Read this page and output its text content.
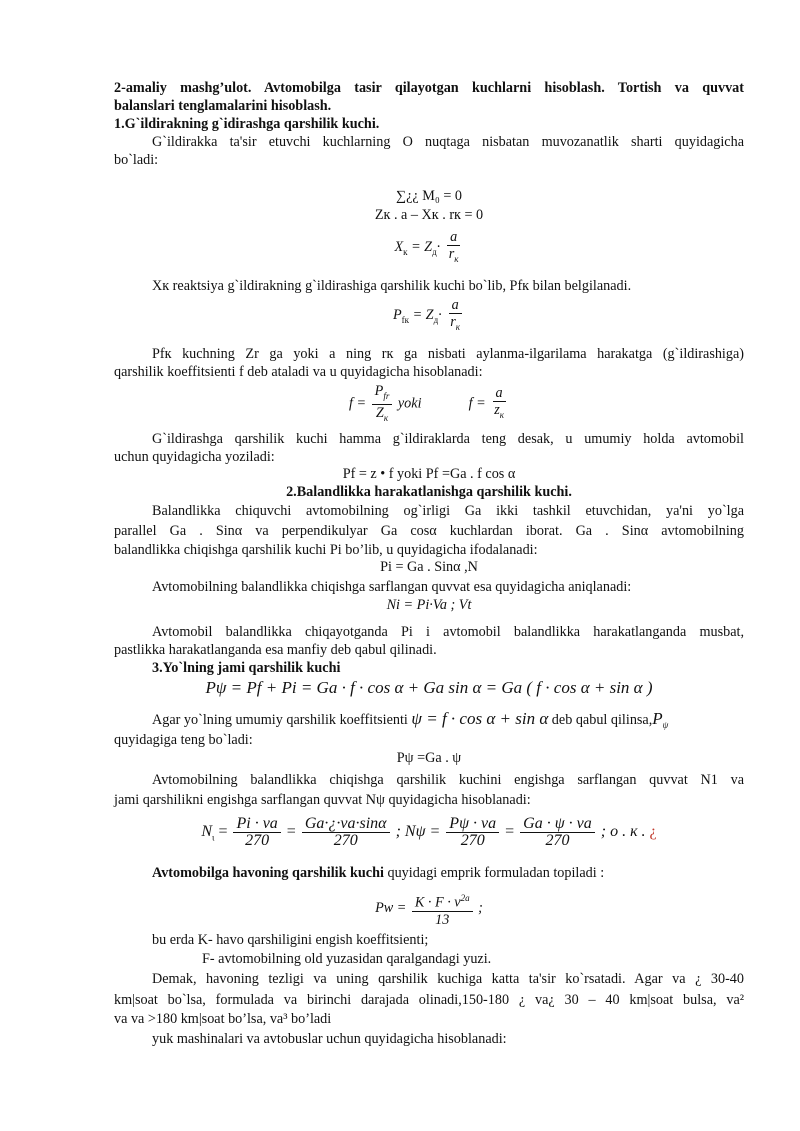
2-amaliy mashg’ulot. Avtomobilga tasir qilayotgan kuchlarni hisoblash. Tortish va quvvat
balanslari tenglamalarini hisoblash.
1.G`ildirakning g`idirashga qarshilik kuchi.
G`ildirakka ta'sir etuvchi kuchlarning O nuqtaga nisbatan muvozanatlik sharti quyidagicha
bo`ladi:
∑¿¿ M₀ = 0
Zк . a – Xк . rк = 0
$X_к = Z_д\cdot \frac{a}{r_к}$
Xк reaktsiya g`ildirakning g`ildirashiga qarshilik kuchi bo`lib, Pfк bilan belgilanadi.
$P_{fк} = Z_д\cdot \frac{a}{r_к}$
Pfк kuchning Zr ga yoki a ning rк ga nisbati aylanma-ilgarilama harakatga (g`ildirashiga)
qarshilik koeffitsienti f deb ataladi va u quyidagicha hisoblanadi:
$f = \frac{P_{fr}}{Z_к}$ yoki	$f = \frac{a}{z_к}$
G`ildirashga qarshilik kuchi hamma g`ildiraklarda teng desak, u umumiy holda avtomobil
uchun quyidagicha yoziladi:
Pf = z • f yoki Pf =Gа . f cos α
2.Balandlikka harakatlanishga qarshilik kuchi.
Balandlikka chiquvchi avtomobilning og`irligi Gа ikki tashkil etuvchidan, ya'ni yo`lga
parallel Gа . Sinα va perpendikulyar Gа cosα kuchlardan iborat. Gа . Sinα avtomobilning
balandlikka chiqishga qarshilik kuchi Pi bo’lib, u quyidagicha ifodalanadi:
Pi = Gа . Sinα ,N
Avtomobilning balandlikka chiqishga sarflangan quvvat esa quyidagicha aniqlanadi:
Ni = Pi·Va ; Vt
Avtomobil balandlikka chiqayotganda Pi i avtomobil balandlikka harakatlanganda musbat,
pastlikka harakatlanganda esa manfiy deb qabul qilinadi.
3.Yo`lning jami qarshilik kuchi
Pψ = Pf + Pi = Ga · f · cos α + Ga sin α = Ga ( f · cos α + sin α )
Agar yo`lning umumiy qarshilik koeffitsienti ψ = f · cos α + sin α deb qabul $qilinsa,P_\psi$
quyidagiga teng bo`ladi:
Pψ =Gа . ψ
Avtomobilning balandlikka chiqishga qarshilik kuchini engishga sarflangan quvvat N1 va
jami qarshilikni engishga sarflangan quvvat Nψ quyidagicha hisoblanadi:
$N_\iota = \frac{Pi \cdot va}{270} = \frac{Ga\cdot¿\cdot va\cdot\sin\alpha}{270}$ ; $N\psi = \frac{P\psi \cdot va}{270} = \frac{Ga \cdot \psi \cdot va}{270}$ ; o . к . ¿
Avtomobilga havoning qarshilik kuchi quyidagi emprik formuladan topiladi :
$Pw = \frac{K \cdot F \cdot v^{2a}}{13}$ ;
bu erda K- havo qarshiligini engish koeffitsienti;
F- avtomobilning old yuzasidan qaralgandagi yuzi.
Demak, havoning tezligi vа uning qarshilik kuchiga katta ta'sir ko`rsatadi. Agar vа ¿ 30-40
km|soat bo`lsa, formulada vа birinchi darajada olinadi,150-180 ¿ vа¿ 30 – 40 km|soat bulsa, vа²
va vа >180 km|soat bo’lsa, vа³ bo’ladi
yuk mashinalari va avtobuslar uchun quyidagicha hisoblanadi:
